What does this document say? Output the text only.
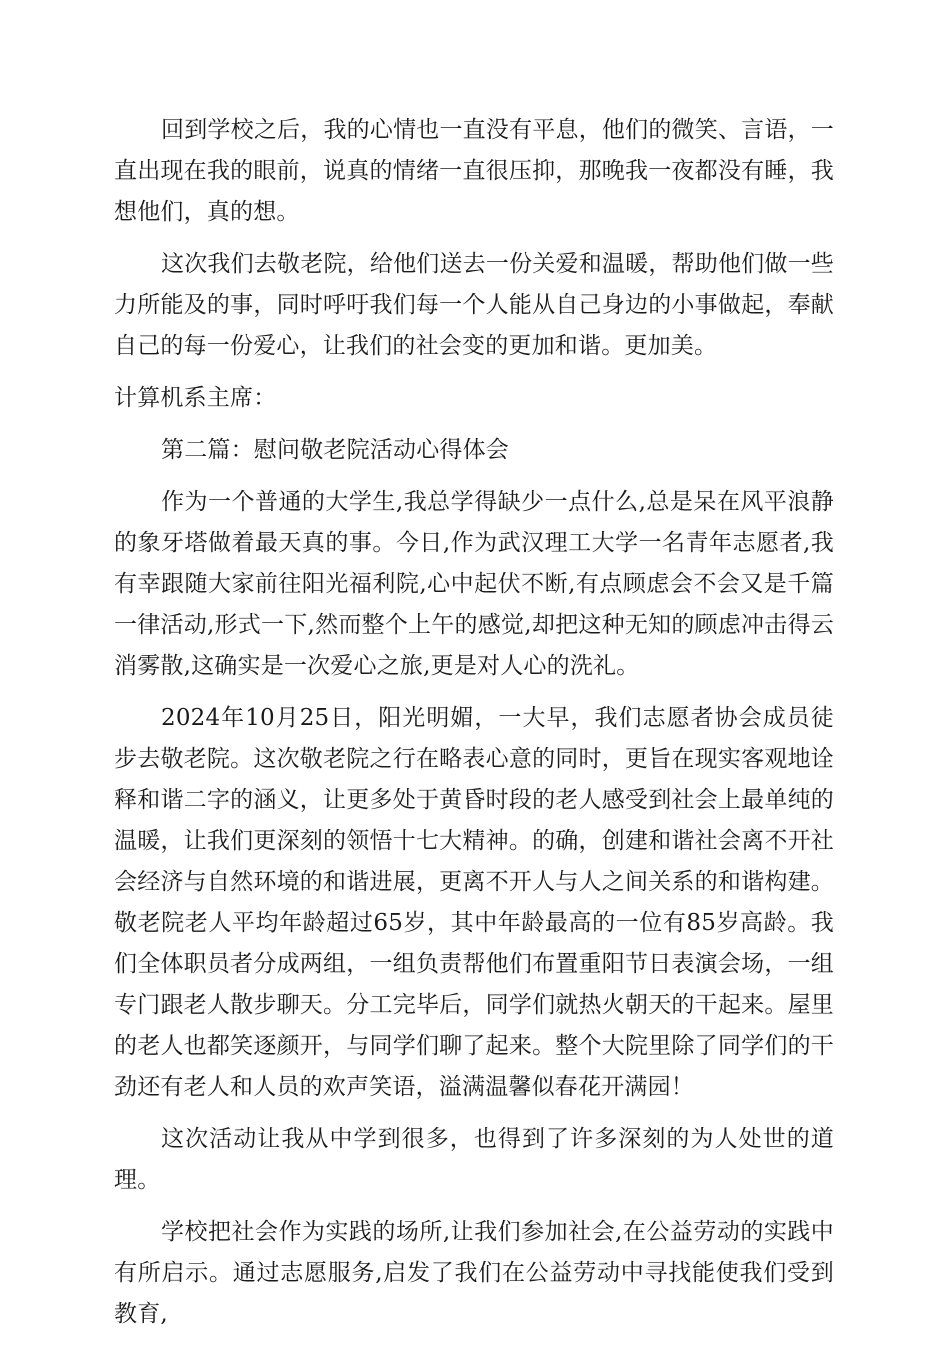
回到学校之后，我的心情也一直没有平息，他们的微笑、言语，一直出现在我的眼前，说真的情绪一直很压抑，那晚我一夜都没有睡，我想他们，真的想。

这次我们去敬老院，给他们送去一份关爱和温暖，帮助他们做一些力所能及的事，同时呼吁我们每一个人能从自己身边的小事做起，奉献自己的每一份爱心，让我们的社会变的更加和谐。更加美。

计算机系主席：

第二篇：慰问敬老院活动心得体会

作为一个普通的大学生,我总学得缺少一点什么,总是呆在风平浪静的象牙塔做着最天真的事。今日,作为武汉理工大学一名青年志愿者,我有幸跟随大家前往阳光福利院,心中起伏不断,有点顾虑会不会又是千篇一律活动,形式一下,然而整个上午的感觉,却把这种无知的顾虑冲击得云消雾散,这确实是一次爱心之旅,更是对人心的洗礼。

2024年10月25日，阳光明媚，一大早，我们志愿者协会成员徒步去敬老院。这次敬老院之行在略表心意的同时，更旨在现实客观地诠释和谐二字的涵义，让更多处于黄昏时段的老人感受到社会上最单纯的温暖，让我们更深刻的领悟十七大精神。的确，创建和谐社会离不开社会经济与自然环境的和谐进展，更离不开人与人之间关系的和谐构建。敬老院老人平均年龄超过65岁，其中年龄最高的一位有85岁高龄。我们全体职员者分成两组，一组负责帮他们布置重阳节日表演会场，一组专门跟老人散步聊天。分工完毕后，同学们就热火朝天的干起来。屋里的老人也都笑逐颜开，与同学们聊了起来。整个大院里除了同学们的干劲还有老人和人员的欢声笑语，溢满温馨似春花开满园！

这次活动让我从中学到很多，也得到了许多深刻的为人处世的道理。

学校把社会作为实践的场所,让我们参加社会,在公益劳动的实践中有所启示。通过志愿服务,启发了我们在公益劳动中寻找能使我们受到教育,
